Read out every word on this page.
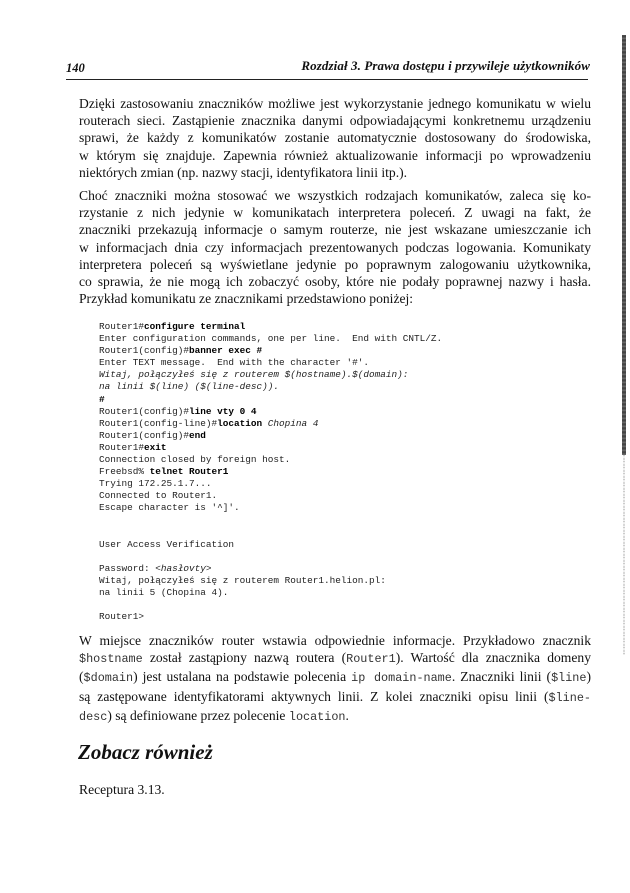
140	Rozdział 3. Prawa dostępu i przywileje użytkowników

Dzięki zastosowaniu znaczników możliwe jest wykorzystanie jednego komunikatu w wielu
routerach sieci. Zastąpienie znacznika danymi odpowiadającymi konkretnemu urządzeniu
sprawi, że każdy z komunikatów zostanie automatycznie dostosowany do środowiska,
w którym się znajduje. Zapewnia również aktualizowanie informacji po wprowadzeniu
niektórych zmian (np. nazwy stacji, identyfikatora linii itp.).

Choć znaczniki można stosować we wszystkich rodzajach komunikatów, zaleca się ko-
rzystanie z nich jedynie w komunikatach interpretera poleceń. Z uwagi na fakt, że
znaczniki przekazują informacje o samym routerze, nie jest wskazane umieszczanie ich
w informacjach dnia czy informacjach prezentowanych podczas logowania. Komunikaty
interpretera poleceń są wyświetlane jedynie po poprawnym zalogowaniu użytkownika,
co sprawia, że nie mogą ich zobaczyć osoby, które nie podały poprawnej nazwy i hasła.
Przykład komunikatu ze znacznikami przedstawiono poniżej:

Router1#configure terminal
Enter configuration commands, one per line.  End with CNTL/Z.
Router1(config)#banner exec #
Enter TEXT message.  End with the character '#'.
Witaj, połączyłeś się z routerem $(hostname).$(domain):
na linii $(line) ($(line-desc)).
#
Router1(config)#line vty 0 4
Router1(config-line)#location Chopina 4
Router1(config)#end
Router1#exit
Connection closed by foreign host.
Freebsd% telnet Router1
Trying 172.25.1.7...
Connected to Router1.
Escape character is '^]'.
User Access Verification
Password: <hasłovty>
Witaj, połączyłeś się z routerem Router1.helion.pl:
na linii 5 (Chopina 4).
Router1>

W miejsce znaczników router wstawia odpowiednie informacje. Przykładowo znacznik
$hostname został zastąpiony nazwą routera (Router1). Wartość dla znacznika domeny
($domain) jest ustalana na podstawie polecenia ip domain-name. Znaczniki linii ($line)
są zastępowane identyfikatorami aktywnych linii. Z kolei znaczniki opisu linii ($line-
desc) są definiowane przez polecenie location.

Zobacz również
Receptura 3.13.
